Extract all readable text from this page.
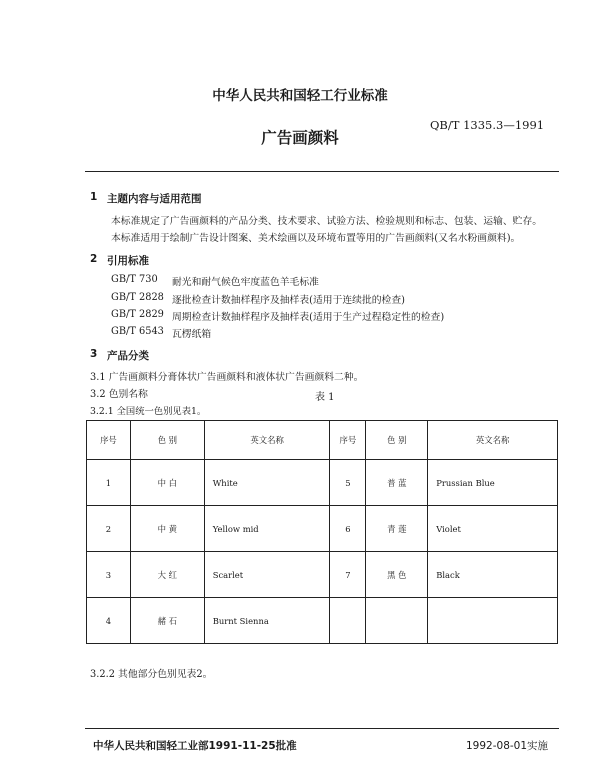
中华人民共和国轻工行业标准
QB/T 1335.3—1991
广告画颜料
1 主题内容与适用范围
本标准规定了广告画颜料的产品分类、技术要求、试验方法、检验规则和标志、包装、运输、贮存。
本标准适用于绘制广告设计图案、美术绘画以及环境布置等用的广告画颜料(又名水粉画颜料)。
2 引用标准
GB/T 730 耐光和耐气候色牢度蓝色羊毛标准
GB/T 2828 逐批检查计数抽样程序及抽样表(适用于连续批的检查)
GB/T 2829 周期检查计数抽样程序及抽样表(适用于生产过程稳定性的检查)
GB/T 6543 瓦楞纸箱
3 产品分类
3.1 广告画颜料分膏体状广告画颜料和液体状广告画颜料二种。
3.2 色别名称
3.2.1 全国统一色别见表1。
表 1
序号	色 别	英文名称	序号	色 别	英文名称
1	中 白	White	5	普 蓝	Prussian Blue
2	中 黄	Yellow mid	6	青 莲	Violet
3	大 红	Scarlet	7	黑 色	Black
4	赭 石	Burnt Sienna			
3.2.2 其他部分色别见表2。
中华人民共和国轻工业部1991-11-25批准	1992-08-01实施
